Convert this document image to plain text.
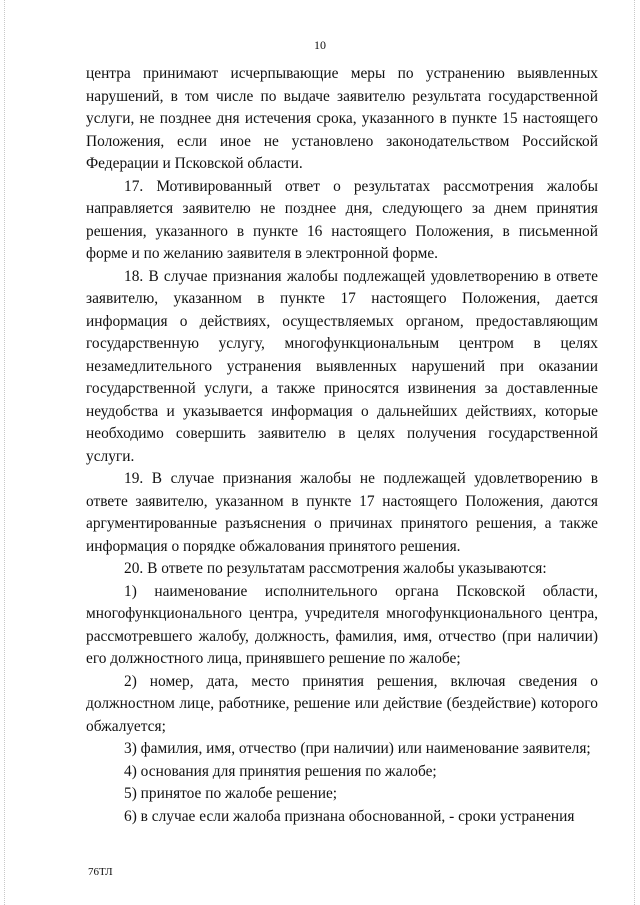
10

центра принимают исчерпывающие меры по устранению выявленных нарушений, в том числе по выдаче заявителю результата государственной услуги, не позднее дня истечения срока, указанного в пункте 15 настоящего Положения, если иное не установлено законодательством Российской Федерации и Псковской области.

17. Мотивированный ответ о результатах рассмотрения жалобы направляется заявителю не позднее дня, следующего за днем принятия решения, указанного в пункте 16 настоящего Положения, в письменной форме и по желанию заявителя в электронной форме.

18. В случае признания жалобы подлежащей удовлетворению в ответе заявителю, указанном в пункте 17 настоящего Положения, дается информация о действиях, осуществляемых органом, предоставляющим государственную услугу, многофункциональным центром в целях незамедлительного устранения выявленных нарушений при оказании государственной услуги, а также приносятся извинения за доставленные неудобства и указывается информация о дальнейших действиях, которые необходимо совершить заявителю в целях получения государственной услуги.

19. В случае признания жалобы не подлежащей удовлетворению в ответе заявителю, указанном в пункте 17 настоящего Положения, даются аргументированные разъяснения о причинах принятого решения, а также информация о порядке обжалования принятого решения.

20. В ответе по результатам рассмотрения жалобы указываются:

1) наименование исполнительного органа Псковской области, многофункционального центра, учредителя многофункционального центра, рассмотревшего жалобу, должность, фамилия, имя, отчество (при наличии) его должностного лица, принявшего решение по жалобе;

2) номер, дата, место принятия решения, включая сведения о должностном лице, работнике, решение или действие (бездействие) которого обжалуется;

3) фамилия, имя, отчество (при наличии) или наименование заявителя;

4) основания для принятия решения по жалобе;

5) принятое по жалобе решение;

6) в случае если жалоба признана обоснованной, - сроки устранения

76ТЛ
